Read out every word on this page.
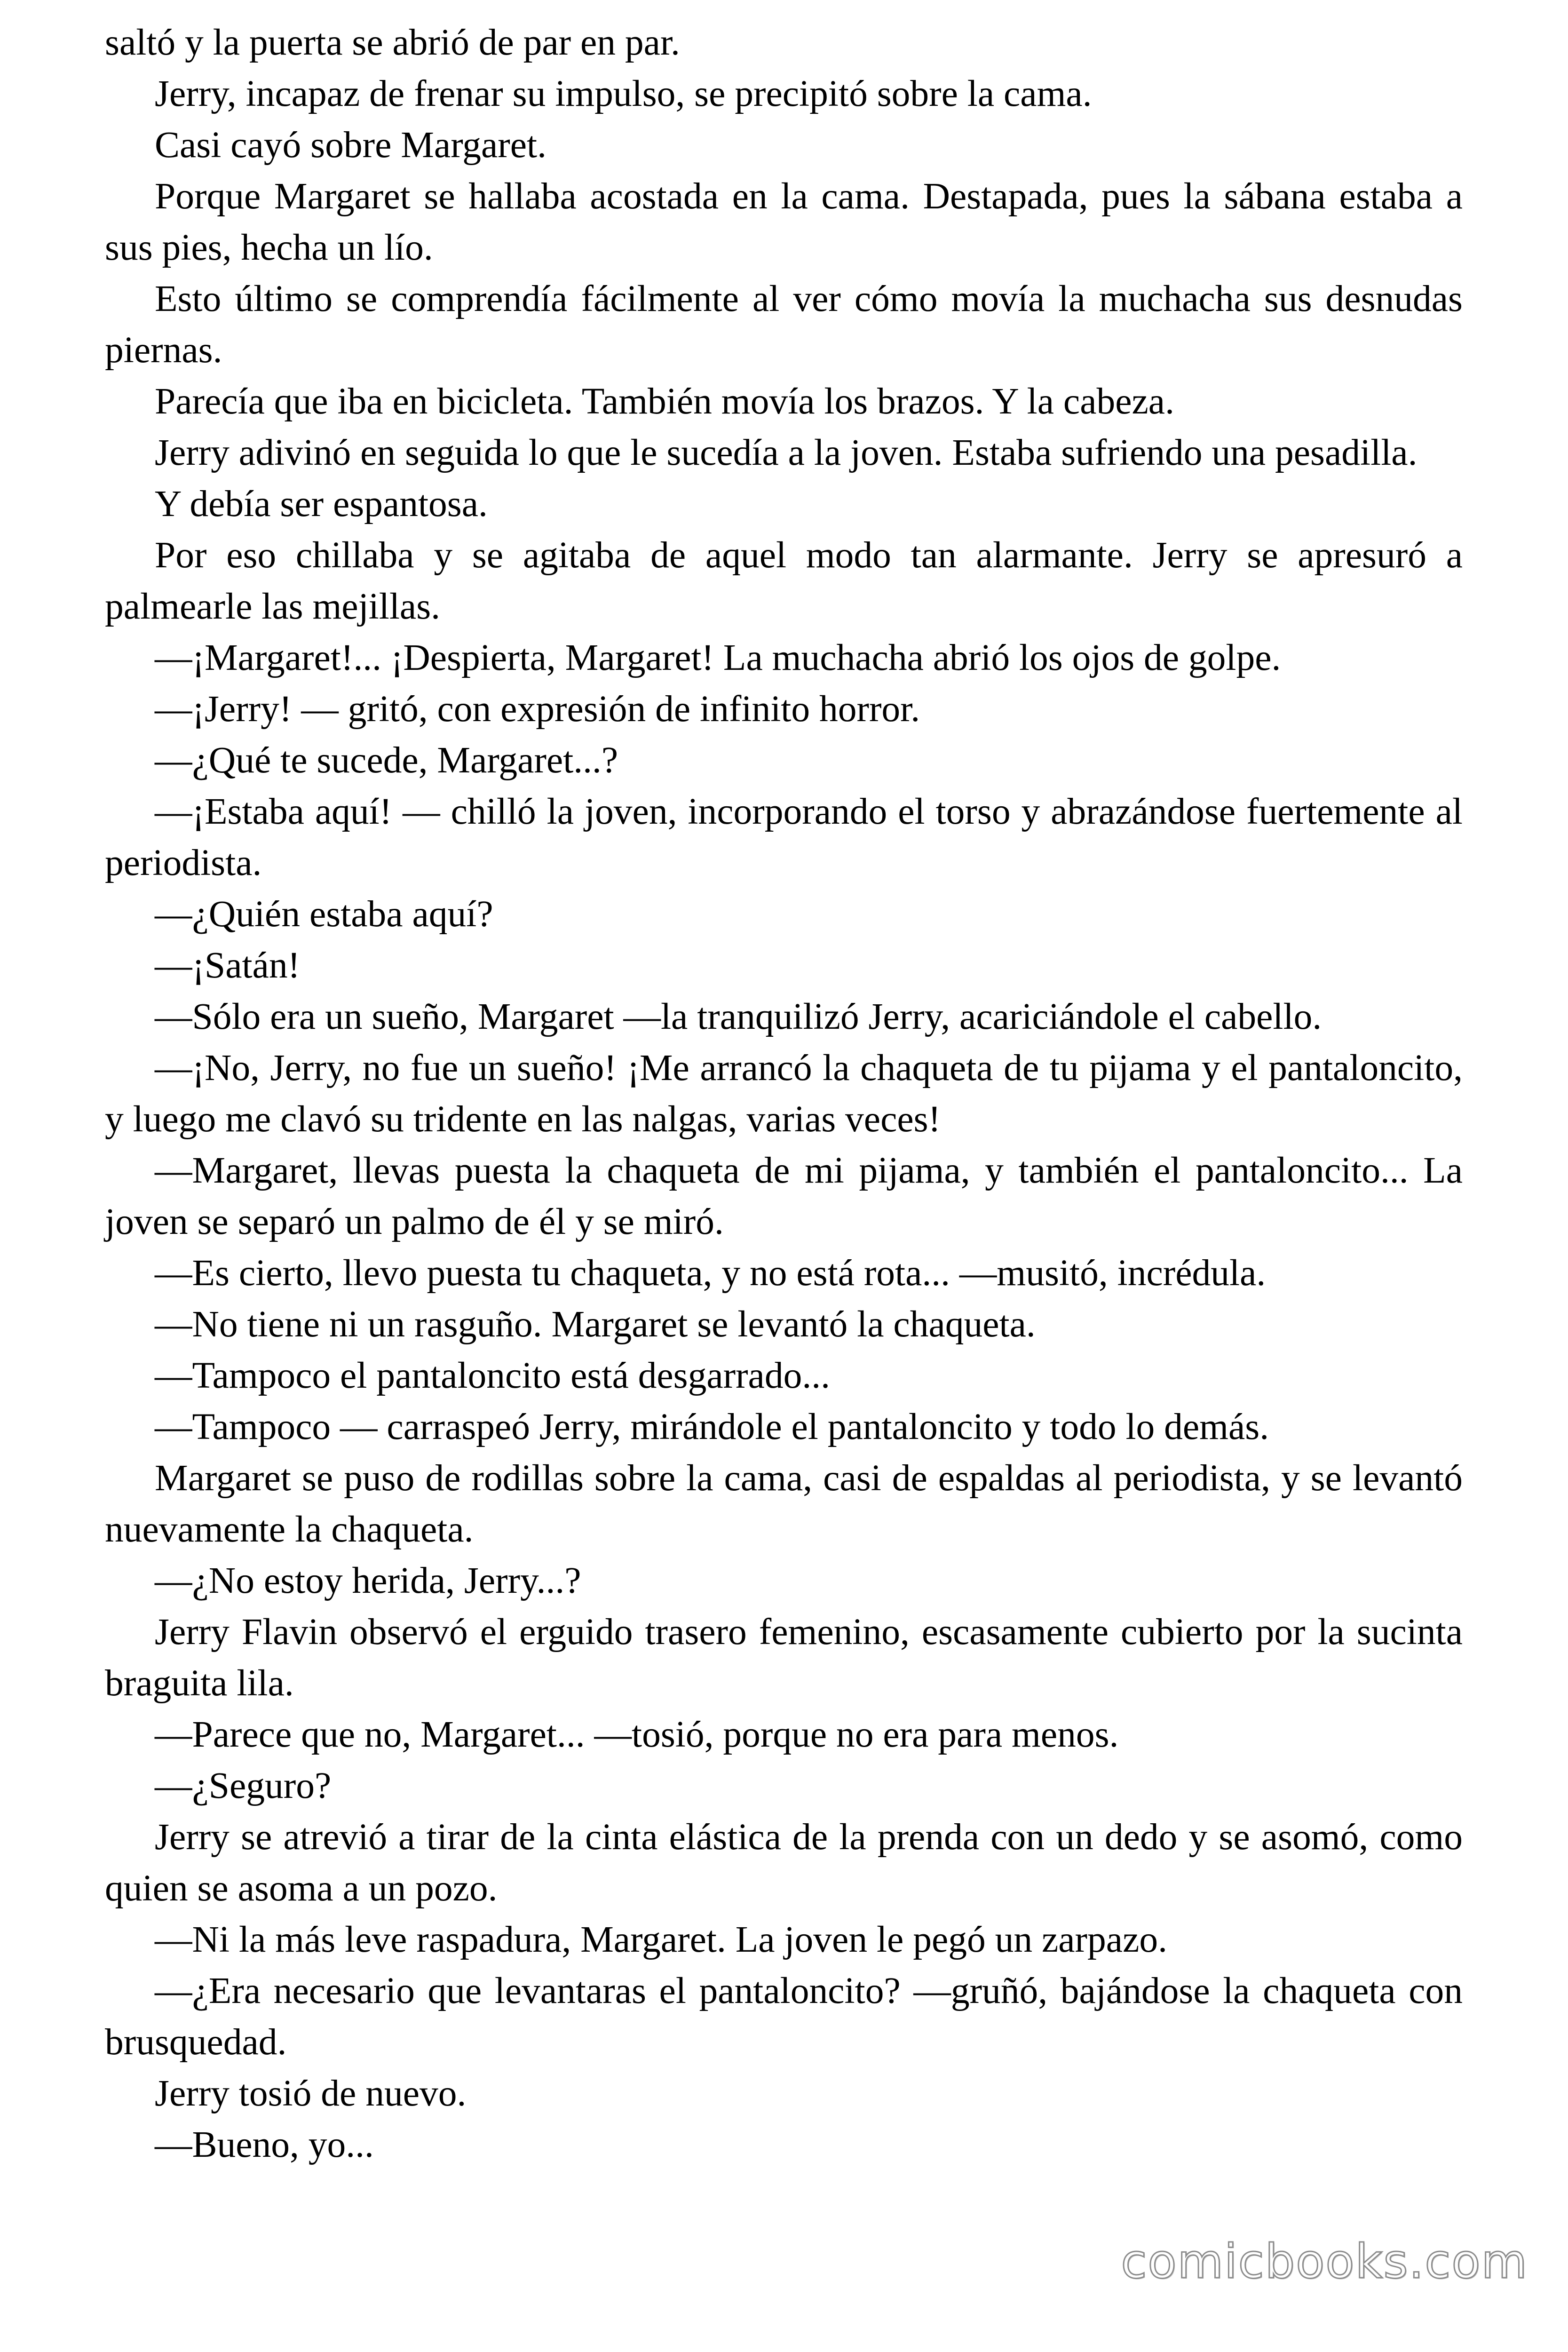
saltó y la puerta se abrió de par en par.

Jerry, incapaz de frenar su impulso, se precipitó sobre la cama.

Casi cayó sobre Margaret.

Porque Margaret se hallaba acostada en la cama. Destapada, pues la sábana estaba a sus pies, hecha un lío.

Esto último se comprendía fácilmente al ver cómo movía la muchacha sus desnudas piernas.

Parecía que iba en bicicleta. También movía los brazos. Y la cabeza.

Jerry adivinó en seguida lo que le sucedía a la joven. Estaba sufriendo una pesadilla.

Y debía ser espantosa.

Por eso chillaba y se agitaba de aquel modo tan alarmante. Jerry se apresuró a palmearle las mejillas.

—¡Margaret!... ¡Despierta, Margaret! La muchacha abrió los ojos de golpe.

—¡Jerry! — gritó, con expresión de infinito horror.

—¿Qué te sucede, Margaret...?

—¡Estaba aquí! — chilló la joven, incorporando el torso y abrazándose fuertemente al periodista.

—¿Quién estaba aquí?

—¡Satán!

—Sólo era un sueño, Margaret —la tranquilizó Jerry, acariciándole el cabello.

—¡No, Jerry, no fue un sueño! ¡Me arrancó la chaqueta de tu pijama y el pantaloncito, y luego me clavó su tridente en las nalgas, varias veces!

—Margaret, llevas puesta la chaqueta de mi pijama, y también el pantaloncito... La joven se separó un palmo de él y se miró.

—Es cierto, llevo puesta tu chaqueta, y no está rota... —musitó, incrédula.

—No tiene ni un rasguño. Margaret se levantó la chaqueta.

—Tampoco el pantaloncito está desgarrado...

—Tampoco — carraspeó Jerry, mirándole el pantaloncito y todo lo demás.

Margaret se puso de rodillas sobre la cama, casi de espaldas al periodista, y se levantó nuevamente la chaqueta.

—¿No estoy herida, Jerry...?

Jerry Flavin observó el erguido trasero femenino, escasamente cubierto por la sucinta braguita lila.

—Parece que no, Margaret... —tosió, porque no era para menos.

—¿Seguro?

Jerry se atrevió a tirar de la cinta elástica de la prenda con un dedo y se asomó, como quien se asoma a un pozo.

—Ni la más leve raspadura, Margaret. La joven le pegó un zarpazo.

—¿Era necesario que levantaras el pantaloncito? —gruñó, bajándose la chaqueta con brusquedad.

Jerry tosió de nuevo.

—Bueno, yo...

comicbooks.com
